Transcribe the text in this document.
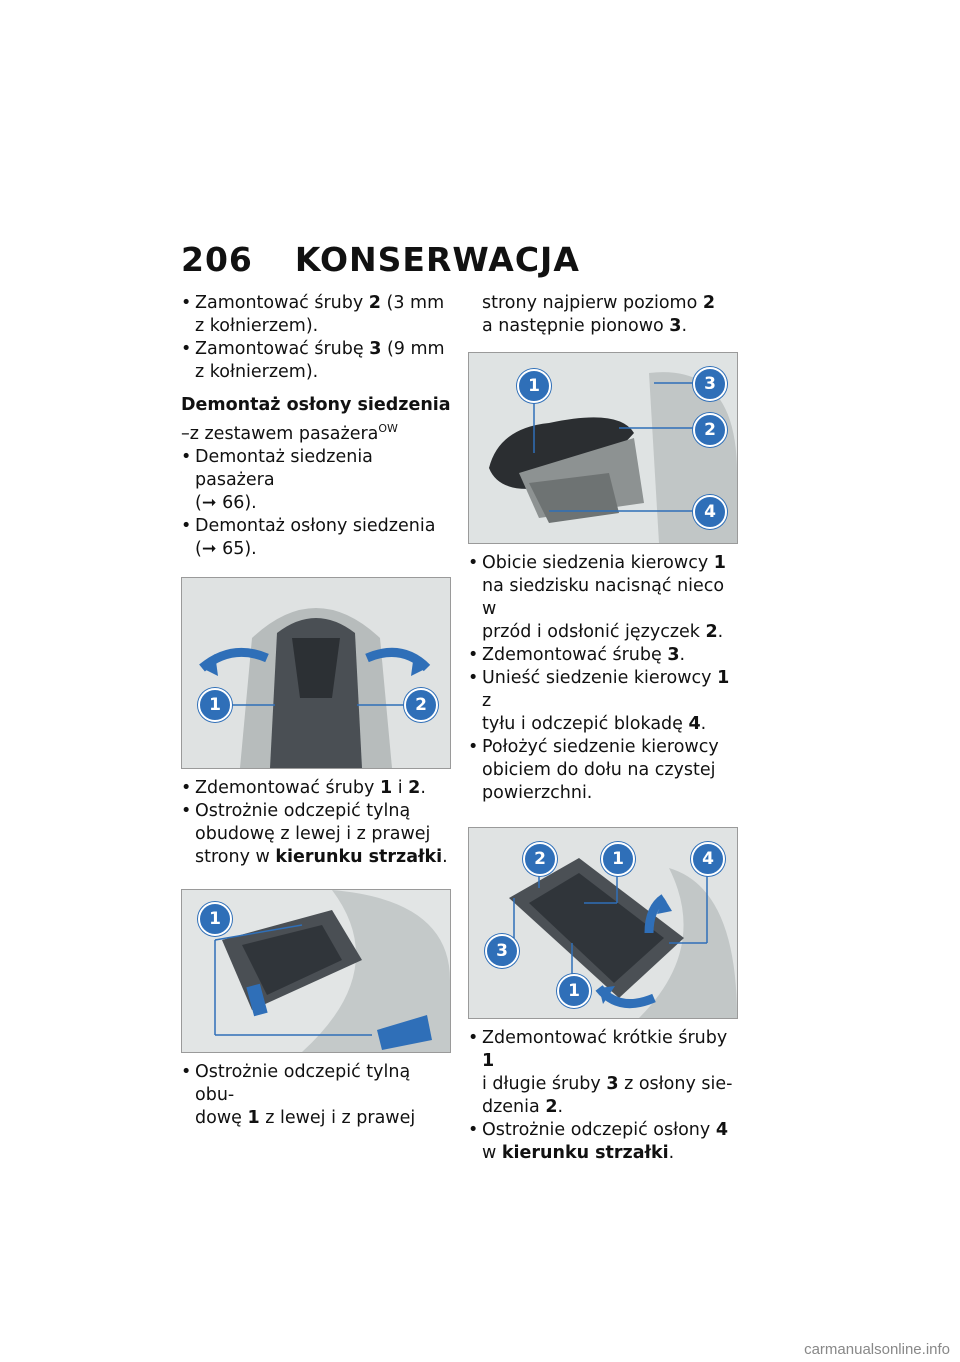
206 KONSERWACJA
• Zamontować śruby 2 (3 mm
z kołnierzem).
• Zamontować śrubę 3 (9 mm
z kołnierzem).
Demontaż osłony siedzenia
–z zestawem pasażera$^{OW}$
• Demontaż siedzenia pasażera
(➞ 66).
• Demontaż osłony siedzenia
(➞ 65).
1	2
• Zdemontować śruby 1 i 2.
• Ostrożnie odczepić tylną
obudowę z lewej i z prawej
strony w kierunku strzałki.
1
• Ostrożnie odczepić tylną obu-
dowę 1 z lewej i z prawej
strony najpierw poziomo 2
a następnie pionowo 3.
1	3
2
4
• Obicie siedzenia kierowcy 1
na siedzisku nacisnąć nieco w
przód i odsłonić języczek 2.
• Zdemontować śrubę 3.
• Unieść siedzenie kierowcy 1 z
tyłu i odczepić blokadę 4.
• Położyć siedzenie kierowcy
obiciem do dołu na czystej
powierzchni.
2	1	4
3
1
• Zdemontować krótkie śruby 1
i długie śruby 3 z osłony sie-
dzenia 2.
• Ostrożnie odczepić osłony 4
w kierunku strzałki.
carmanualsonline.info
